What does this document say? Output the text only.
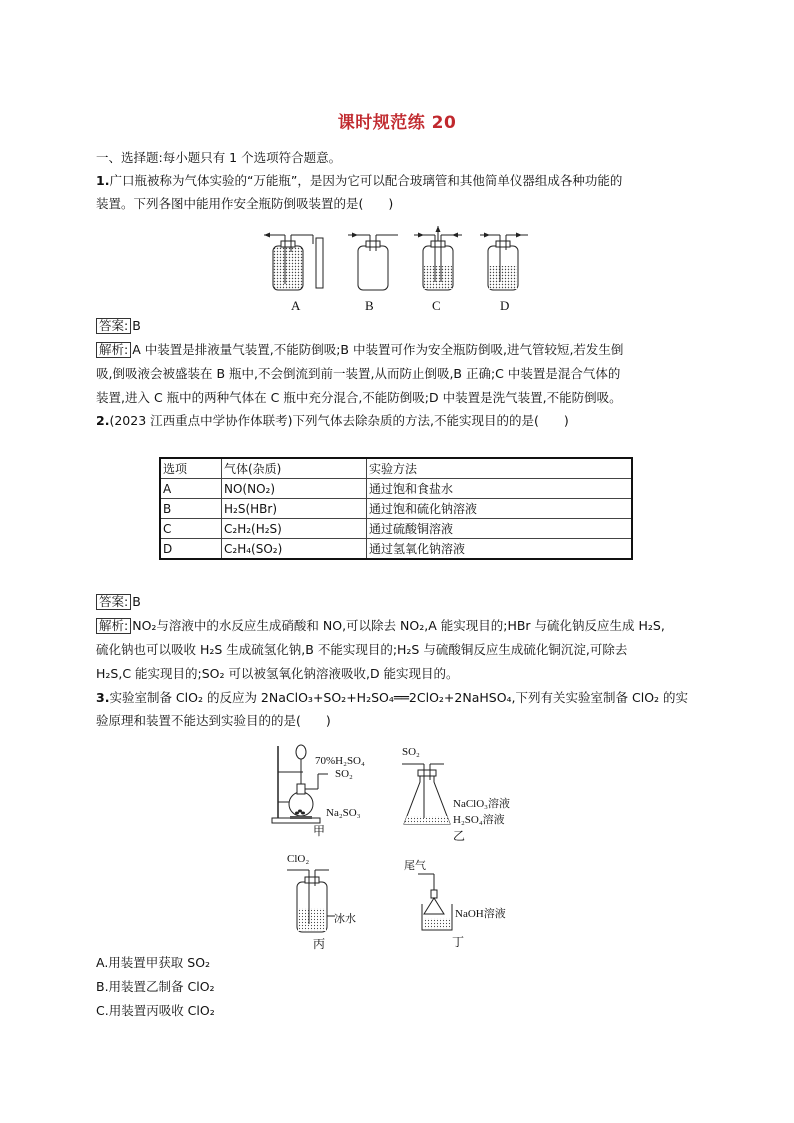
课时规范练 20
一、选择题:每小题只有 1 个选项符合题意。
1.广口瓶被称为气体实验的“万能瓶”，是因为它可以配合玻璃管和其他简单仪器组成各种功能的
装置。下列各图中能用作安全瓶防倒吸装置的是(　　)
A	B	C	D
答案: B
解析: A 中装置是排液量气装置,不能防倒吸;B 中装置可作为安全瓶防倒吸,进气管较短,若发生倒
吸,倒吸液会被盛装在 B 瓶中,不会倒流到前一装置,从而防止倒吸,B 正确;C 中装置是混合气体的
装置,进入 C 瓶中的两种气体在 C 瓶中充分混合,不能防倒吸;D 中装置是洗气装置,不能防倒吸。
2.(2023 江西重点中学协作体联考)下列气体去除杂质的方法,不能实现目的的是(　　)
选项	气体(杂质)	实验方法
A	NO(NO₂)	通过饱和食盐水
B	H₂S(HBr)	通过饱和硫化钠溶液
C	C₂H₂(H₂S)	通过硫酸铜溶液
D	C₂H₄(SO₂)	通过氢氧化钠溶液
答案: B
解析: NO₂与溶液中的水反应生成硝酸和 NO,可以除去 NO₂,A 能实现目的;HBr 与硫化钠反应生成 H₂S,
硫化钠也可以吸收 H₂S 生成硫氢化钠,B 不能实现目的;H₂S 与硫酸铜反应生成硫化铜沉淀,可除去
H₂S,C 能实现目的;SO₂ 可以被氢氧化钠溶液吸收,D 能实现目的。
3.实验室制备 ClO₂ 的反应为 2NaClO₃+SO₂+H₂SO₄══2ClO₂+2NaHSO₄,下列有关实验室制备 ClO₂ 的实
验原理和装置不能达到实验目的的是(　　)
70%H₂SO₄
SO₂
Na₂SO₃
甲
SO₂
NaClO₃溶液
H₂SO₄溶液
乙
ClO₂
冰水
丙
尾气
NaOH溶液
丁
A.用装置甲获取 SO₂
B.用装置乙制备 ClO₂
C.用装置丙吸收 ClO₂
